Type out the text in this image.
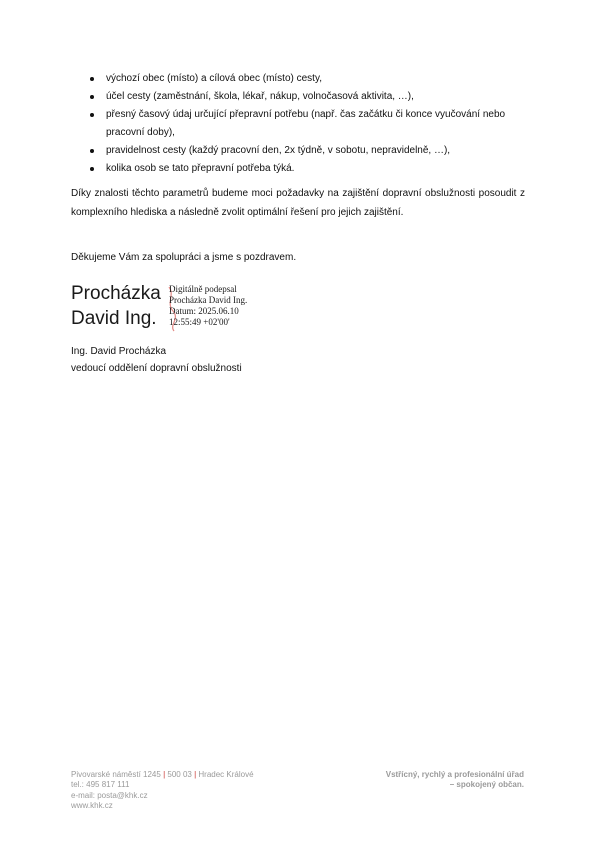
výchozí obec (místo) a cílová obec (místo) cesty,
účel cesty (zaměstnání, škola, lékař, nákup, volnočasová aktivita, …),
přesný časový údaj určující přepravní potřebu (např. čas začátku či konce vyučování nebo pracovní doby),
pravidelnost cesty (každý pracovní den, 2x týdně, v sobotu, nepravidelně, …),
kolika osob se tato přepravní potřeba týká.

Díky znalosti těchto parametrů budeme moci požadavky na zajištění dopravní obslužnosti posoudit z komplexního hlediska a následně zvolit optimální řešení pro jejich zajištění.

Děkujeme Vám za spolupráci a jsme s pozdravem.

Procházka
David Ing.
Digitálně podepsal
Procházka David Ing.
Datum: 2025.06.10
12:55:49 +02'00'
Ing. David Procházka
vedoucí oddělení dopravní obslužnosti
Pivovarské náměstí 1245 | 500 03 | Hradec Králové
tel.: 495 817 111
e-mail: posta@khk.cz
www.khk.cz
Vstřícný, rychlý a profesionální úřad
– spokojený občan.
